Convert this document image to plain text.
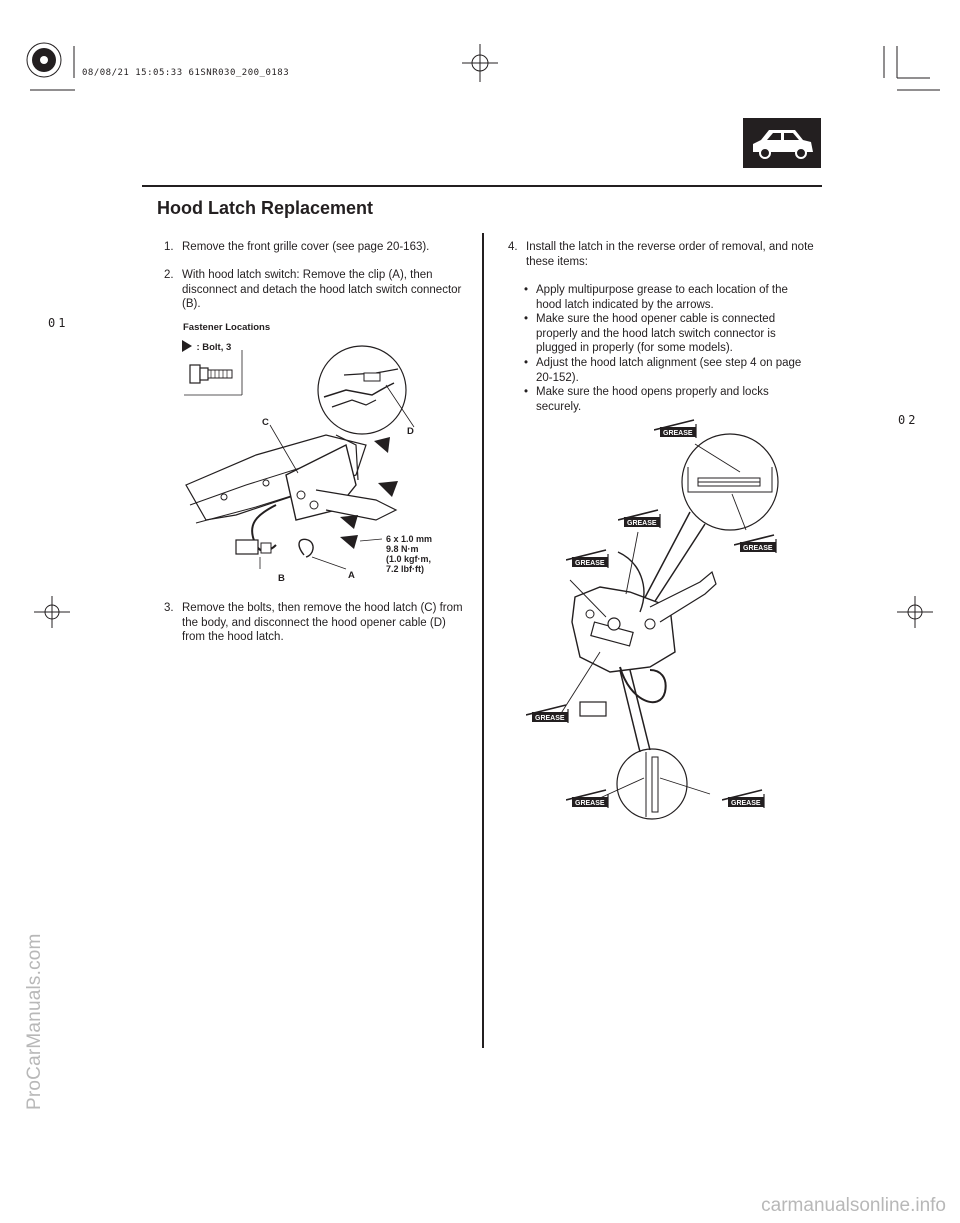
08/08/21 15:05:33 61SNR030_200_0183
01
02
Hood Latch Replacement
1. Remove the front grille cover (see page 20-163).
2. With hood latch switch: Remove the clip (A), then disconnect and detach the hood latch switch connector (B).
Fastener Locations
: Bolt, 3
C
D
B	A
6 x 1.0 mm
9.8 N·m
(1.0 kgf·m,
7.2 lbf·ft)
3. Remove the bolts, then remove the hood latch (C) from the body, and disconnect the hood opener cable (D) from the hood latch.
4. Install the latch in the reverse order of removal, and note these items:
• Apply multipurpose grease to each location of the hood latch indicated by the arrows.
• Make sure the hood opener cable is connected properly and the hood latch switch connector is plugged in properly (for some models).
• Adjust the hood latch alignment (see step 4 on page 20-152).
• Make sure the hood opens properly and locks securely.
GREASE
GREASE
GREASE
GREASE
GREASE
GREASE	GREASE
ProCarManuals.com
carmanualsonline.info
